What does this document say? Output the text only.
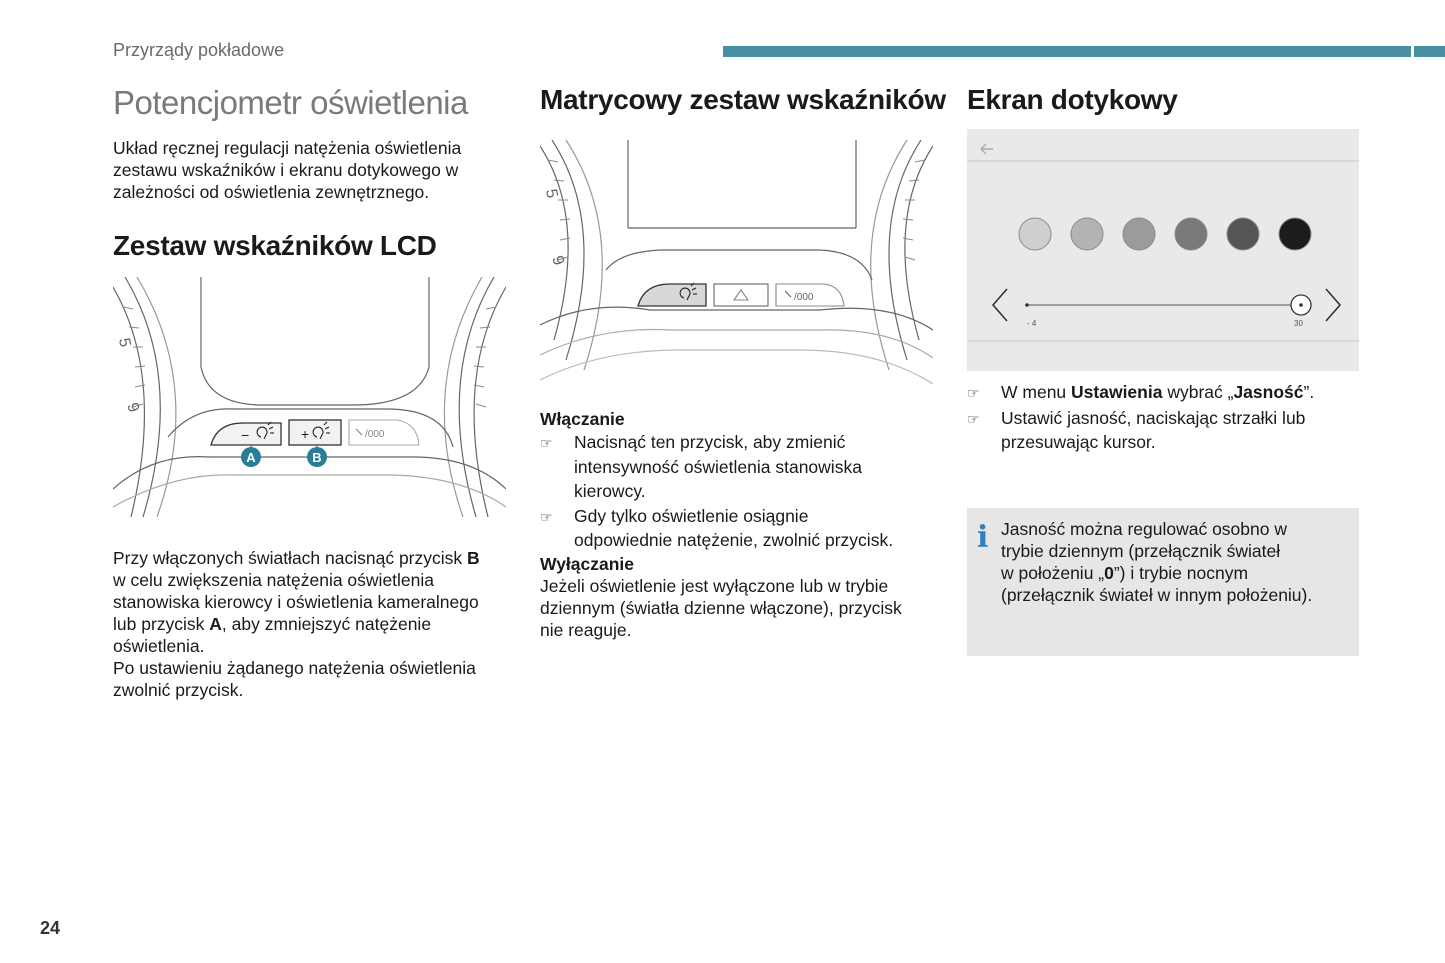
Przyrządy pokładowe
Potencjometr oświetlenia

Układ ręcznej regulacji natężenia oświetlenia

zestawu wskaźników i ekranu dotykowego w

zależności od oświetlenia zewnętrznego.

Zestaw wskaźników LCD
5
9
−	+	/000
A	B

Przy włączonych światłach nacisnąć przycisk B

w celu zwiększenia natężenia oświetlenia

stanowiska kierowcy i oświetlenia kameralnego

lub przycisk A, aby zmniejszyć natężenie

oświetlenia.

Po ustawieniu żądanego natężenia oświetlenia

zwolnić przycisk.

Matrycowy zestaw wskaźników
5
9
/000
Włączanie
☞	Nacisnąć ten przycisk, aby zmienić
intensywność oświetlenia stanowiska
kierowcy.
☞	Gdy tylko oświetlenie osiągnie
odpowiednie natężenie, zwolnić przycisk.
Wyłączanie

Jeżeli oświetlenie jest wyłączone lub w trybie

dziennym (światła dzienne włączone), przycisk

nie reaguje.

Ekran dotykowy
- 4	30
☞	W menu Ustawienia wybrać „Jasność”.
☞	Ustawić jasność, naciskając strzałki lub
przesuwając kursor.
i Jasność można regulować osobno w

trybie dziennym (przełącznik świateł

w położeniu „0”) i trybie nocnym

(przełącznik świateł w innym położeniu).

24
